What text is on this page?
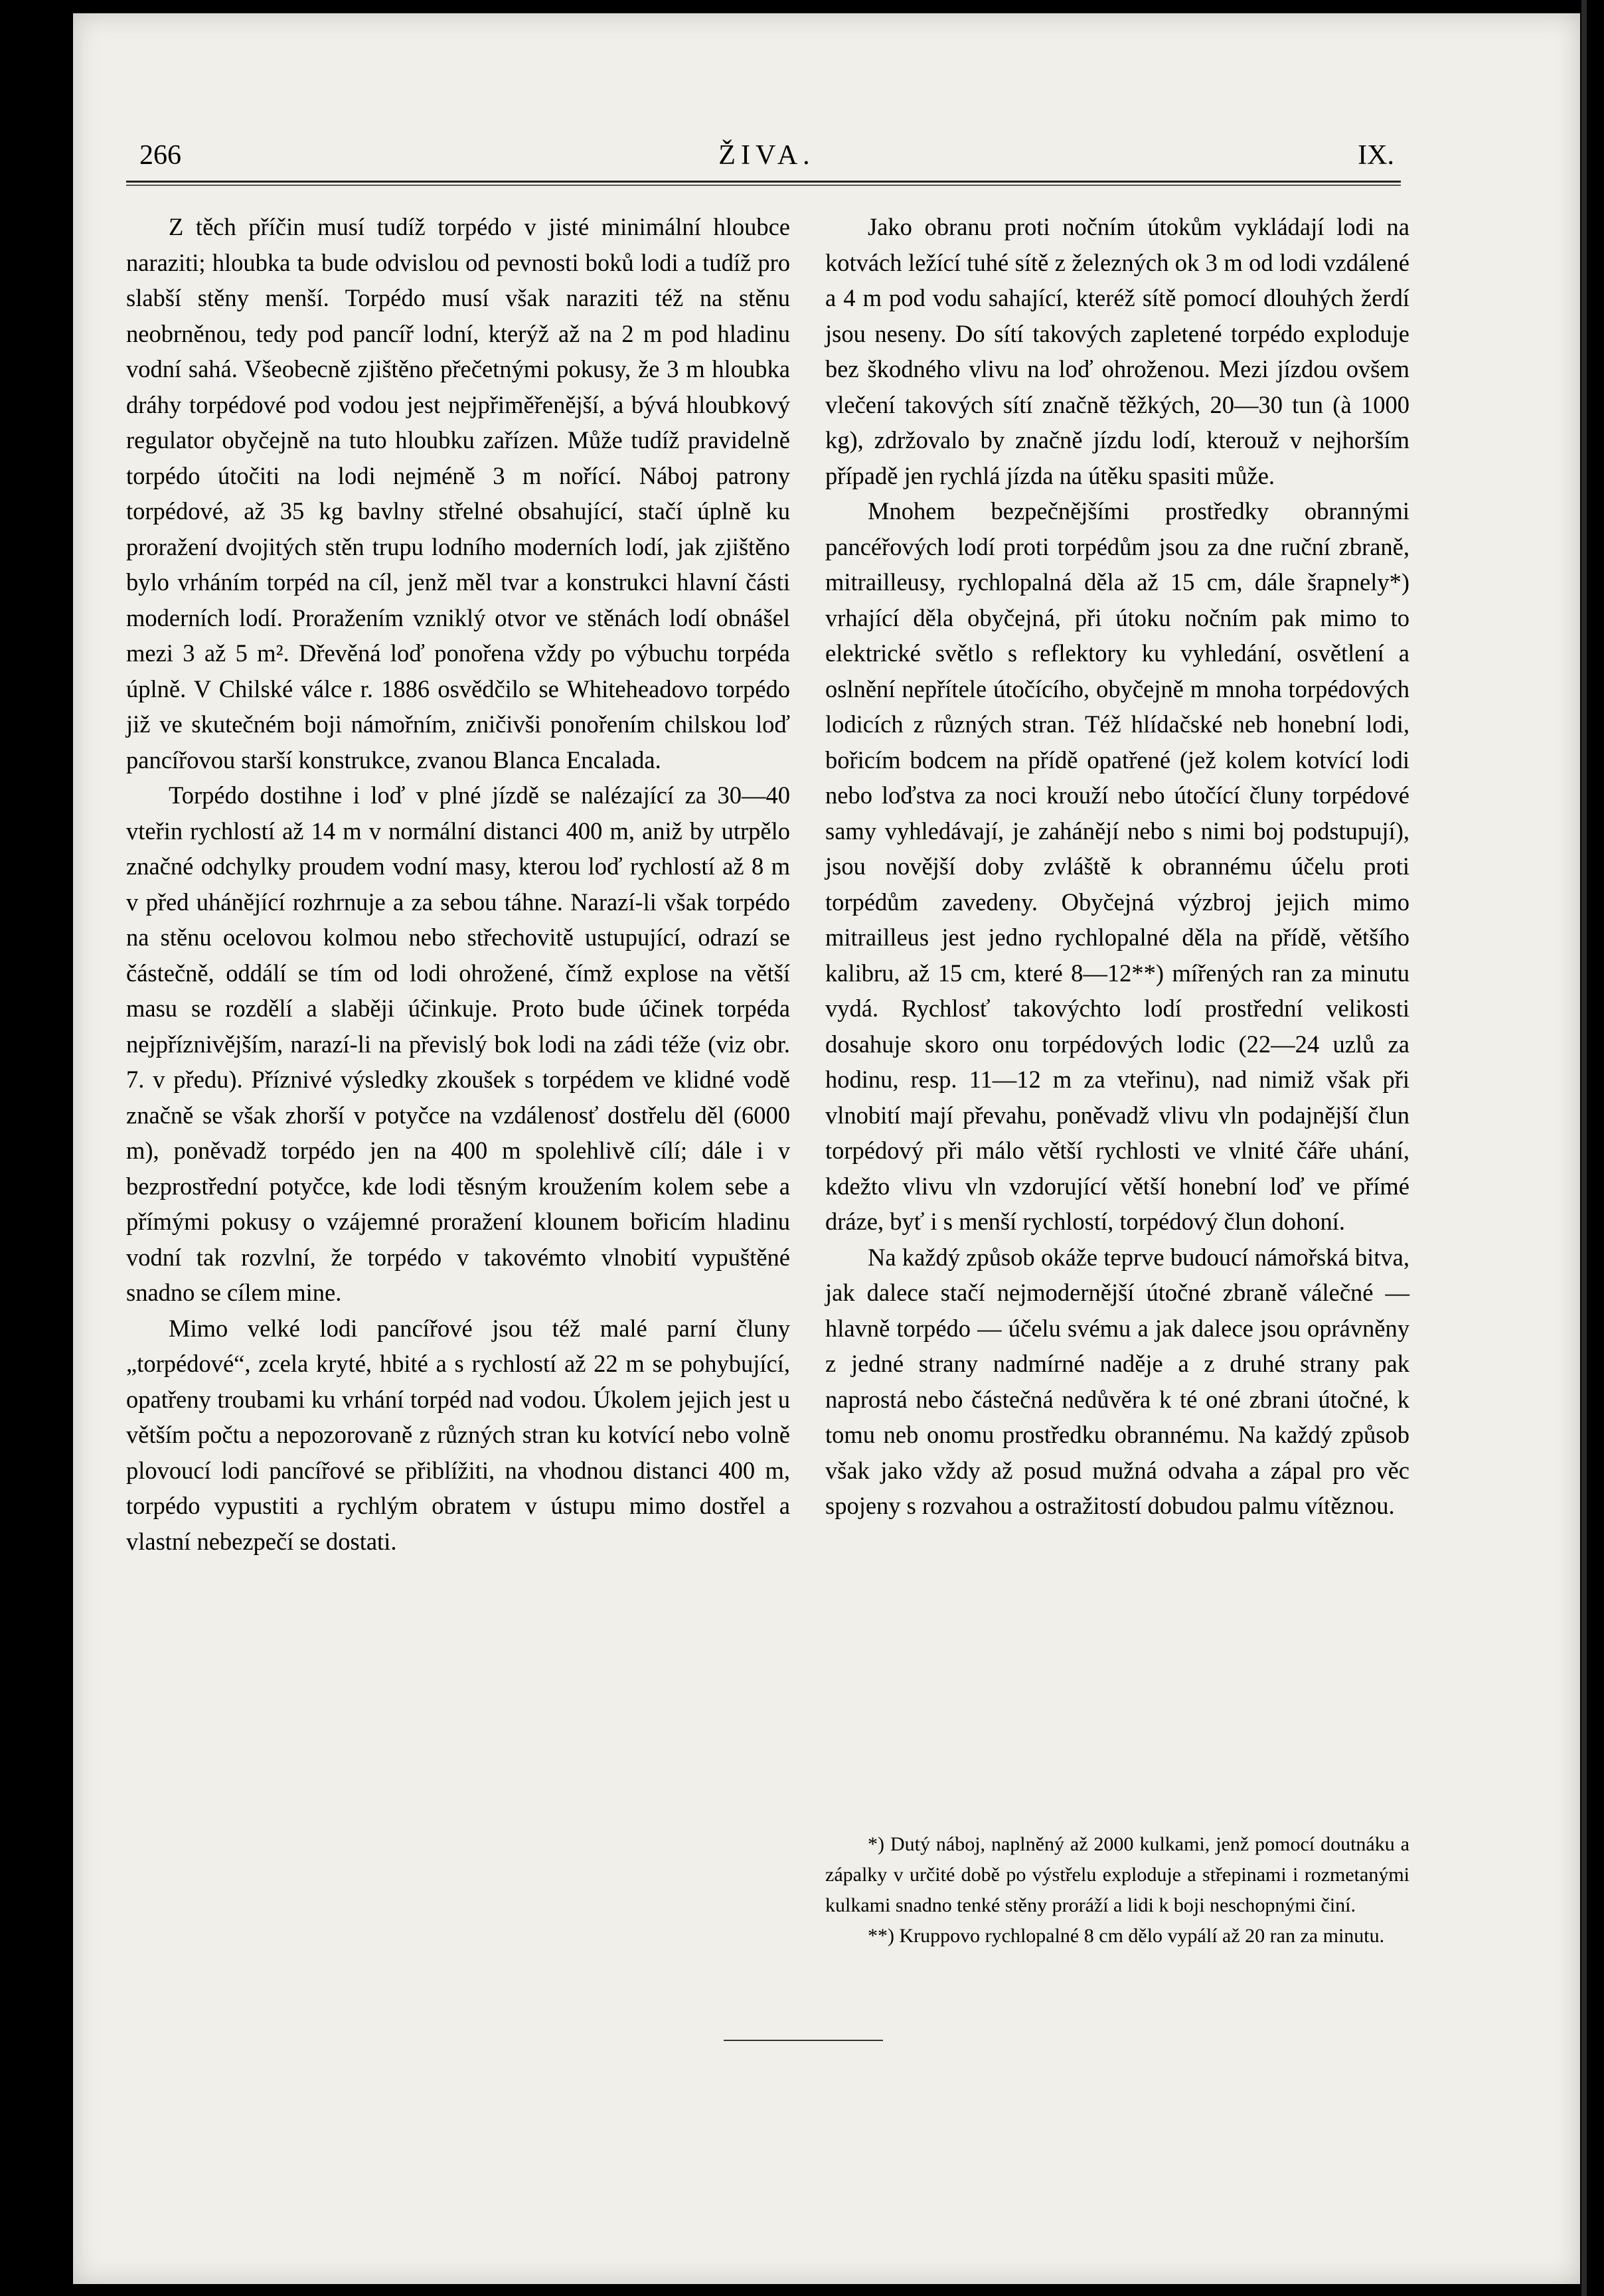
266	ŽIVA.	IX.

Z těch příčin musí tudíž torpédo v jisté minimální hloubce naraziti; hloubka ta bude odvislou od pevnosti boků lodi a tudíž pro slabší stěny menší. Torpédo musí však naraziti též na stěnu neobrněnou, tedy pod pancíř lodní, kterýž až na 2 m pod hladinu vodní sahá. Všeobecně zjištěno přečetnými pokusy, že 3 m hloubka dráhy torpédové pod vodou jest nejpřiměřenější, a bývá hloubkový regulator obyčejně na tuto hloubku zařízen. Může tudíž pravidelně torpédo útočiti na lodi nejméně 3 m nořící. Náboj patrony torpédové, až 35 kg bavlny střelné obsahující, stačí úplně ku proražení dvojitých stěn trupu lodního moderních lodí, jak zjištěno bylo vrháním torpéd na cíl, jenž měl tvar a konstrukci hlavní části moderních lodí. Proražením vzniklý otvor ve stěnách lodí obnášel mezi 3 až 5 m². Dřevěná loď ponořena vždy po výbuchu torpéda úplně. V Chilské válce r. 1886 osvědčilo se Whiteheadovo torpédo již ve skutečném boji námořním, zničivši ponořením chilskou loď pancířovou starší konstrukce, zvanou Blanca Encalada.

Torpédo dostihne i loď v plné jízdě se nalézající za 30—40 vteřin rychlostí až 14 m v normální distanci 400 m, aniž by utrpělo značné odchylky proudem vodní masy, kterou loď rychlostí až 8 m v před uhánějící rozhrnuje a za sebou táhne. Narazí-li však torpédo na stěnu ocelovou kolmou nebo střechovitě ustupující, odrazí se částečně, oddálí se tím od lodi ohrožené, čímž explose na větší masu se rozdělí a slaběji účinkuje. Proto bude účinek torpéda nejpříznivějším, narazí-li na převislý bok lodi na zádi téže (viz obr. 7. v předu). Příznivé výsledky zkoušek s torpédem ve klidné vodě značně se však zhorší v potyčce na vzdálenosť dostřelu děl (6000 m), poněvadž torpédo jen na 400 m spolehlivě cílí; dále i v bezprostřední potyčce, kde lodi těsným kroužením kolem sebe a přímými pokusy o vzájemné proražení klounem bořicím hladinu vodní tak rozvlní, že torpédo v takovémto vlnobití vypuštěné snadno se cílem mine.

Mimo velké lodi pancířové jsou též malé parní čluny „torpédové“, zcela kryté, hbité a s rychlostí až 22 m se pohybující, opatřeny troubami ku vrhání torpéd nad vodou. Úkolem jejich jest u větším počtu a nepozorovaně z různých stran ku kotvící nebo volně plovoucí lodi pancířové se přiblížiti, na vhodnou distanci 400 m, torpédo vypustiti a rychlým obratem v ústupu mimo dostřel a vlastní nebezpečí se dostati.

Jako obranu proti nočním útokům vykládají lodi na kotvách ležící tuhé sítě z železných ok 3 m od lodi vzdálené a 4 m pod vodu sahající, kteréž sítě pomocí dlouhých žerdí jsou neseny. Do sítí takových zapletené torpédo exploduje bez škodného vlivu na loď ohroženou. Mezi jízdou ovšem vlečení takových sítí značně těžkých, 20—30 tun (à 1000 kg), zdržovalo by značně jízdu lodí, kterouž v nejhorším případě jen rychlá jízda na útěku spasiti může.

Mnohem bezpečnějšími prostředky obrannými pancéřových lodí proti torpédům jsou za dne ruční zbraně, mitrailleusy, rychlopalná děla až 15 cm, dále šrapnely*) vrhající děla obyčejná, při útoku nočním pak mimo to elektrické světlo s reflektory ku vyhledání, osvětlení a oslnění nepřítele útočícího, obyčejně m mnoha torpédových lodicích z různých stran. Též hlídačské neb honební lodi, bořicím bodcem na přídě opatřené (jež kolem kotvící lodi nebo loďstva za noci krouží nebo útočící čluny torpédové samy vyhledávají, je zahánějí nebo s nimi boj podstupují), jsou novější doby zvláště k obrannému účelu proti torpédům zavedeny. Obyčejná výzbroj jejich mimo mitrailleus jest jedno rychlopalné děla na přídě, většího kalibru, až 15 cm, které 8—12**) mířených ran za minutu vydá. Rychlosť takovýchto lodí prostřední velikosti dosahuje skoro onu torpédových lodic (22—24 uzlů za hodinu, resp. 11—12 m za vteřinu), nad nimiž však při vlnobití mají převahu, poněvadž vlivu vln podajnější člun torpédový při málo větší rychlosti ve vlnité čáře uhání, kdežto vlivu vln vzdorující větší honební loď ve přímé dráze, byť i s menší rychlostí, torpédový člun dohoní.

Na každý způsob okáže teprve budoucí námořská bitva, jak dalece stačí nejmodernější útočné zbraně válečné — hlavně torpédo — účelu svému a jak dalece jsou oprávněny z jedné strany nadmírné naděje a z druhé strany pak naprostá nebo částečná nedůvěra k té oné zbrani útočné, k tomu neb onomu prostředku obrannému. Na každý způsob však jako vždy až posud mužná odvaha a zápal pro věc spojeny s rozvahou a ostražitostí dobudou palmu vítěznou.

*) Dutý náboj, naplněný až 2000 kulkami, jenž pomocí doutnáku a zápalky v určité době po výstřelu exploduje a střepinami i rozmetanými kulkami snadno tenké stěny proráží a lidi k boji neschopnými činí.

**) Kruppovo rychlopalné 8 cm dělo vypálí až 20 ran za minutu.
